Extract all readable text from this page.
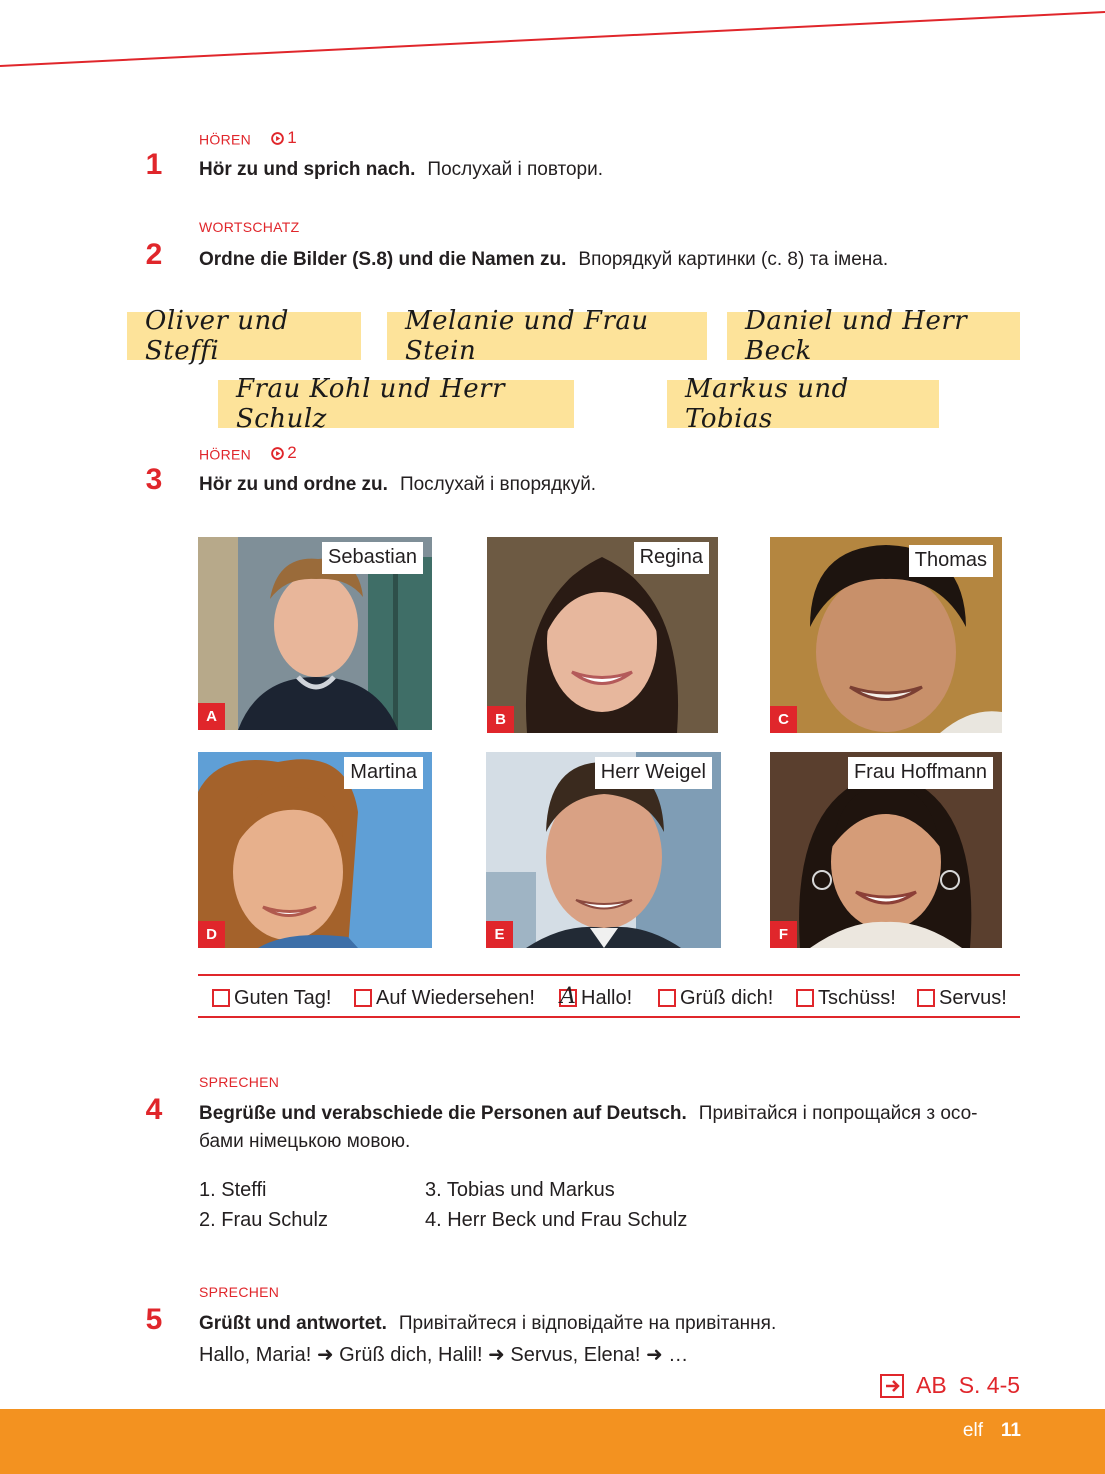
HÖREN 1
1	Hör zu und sprich nach. Послухай і повтори.
WORTSCHATZ
2	Ordne die Bilder (S.8) und die Namen zu. Впорядкуй картинки (с. 8) та імена.
Oliver und Steffi
Melanie und Frau Stein
Daniel und Herr Beck
Frau Kohl und Herr Schulz
Markus und Tobias
HÖREN 2
3	Hör zu und ordne zu. Послухай і впорядкуй.
Sebastian
A
Regina
B
Thomas
C
Martina
D
Herr Weigel
E
Frau Hoffmann
F
Guten Tag! Auf Wiedersehen! A Hallo! Grüß dich! Tschüss! Servus!
SPRECHEN
4	Begrüße und verabschiede die Personen auf Deutsch. Привітайся і попрощайся з осо-бами німецькою мовою.
1. Steffi
2. Frau Schulz
3. Tobias und Markus
4. Herr Beck und Frau Schulz
SPRECHEN
5	Grüßt und antwortet. Привітайтеся і відповідайте на привітання.
Hallo, Maria! ➜ Grüß dich, Halil! ➜ Servus, Elena! ➜ …
AB S. 4-5
elf 11
